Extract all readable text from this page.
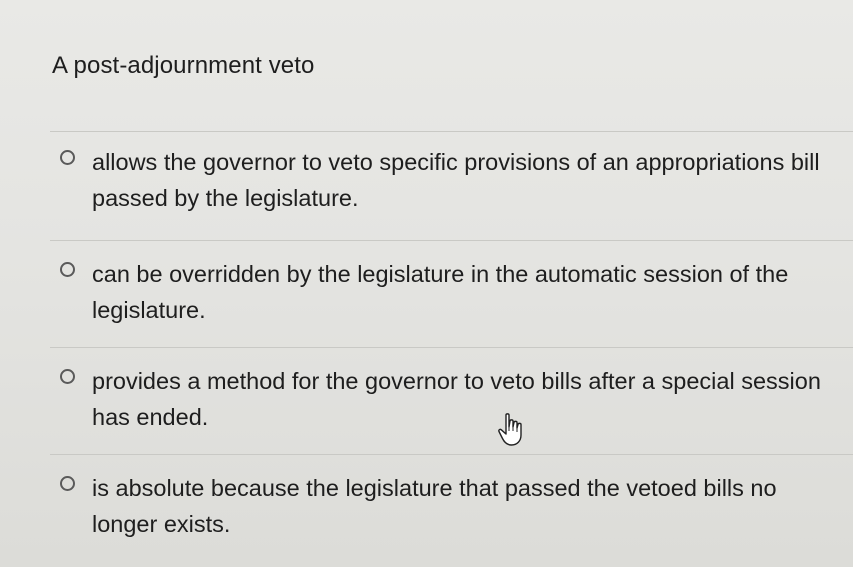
A post-adjournment veto
allows the governor to veto specific provisions of an appropriations bill passed by the legislature.
can be overridden by the legislature in the automatic session of the legislature.
provides a method for the governor to veto bills after a special session has ended.
is absolute because the legislature that passed the vetoed bills no longer exists.
